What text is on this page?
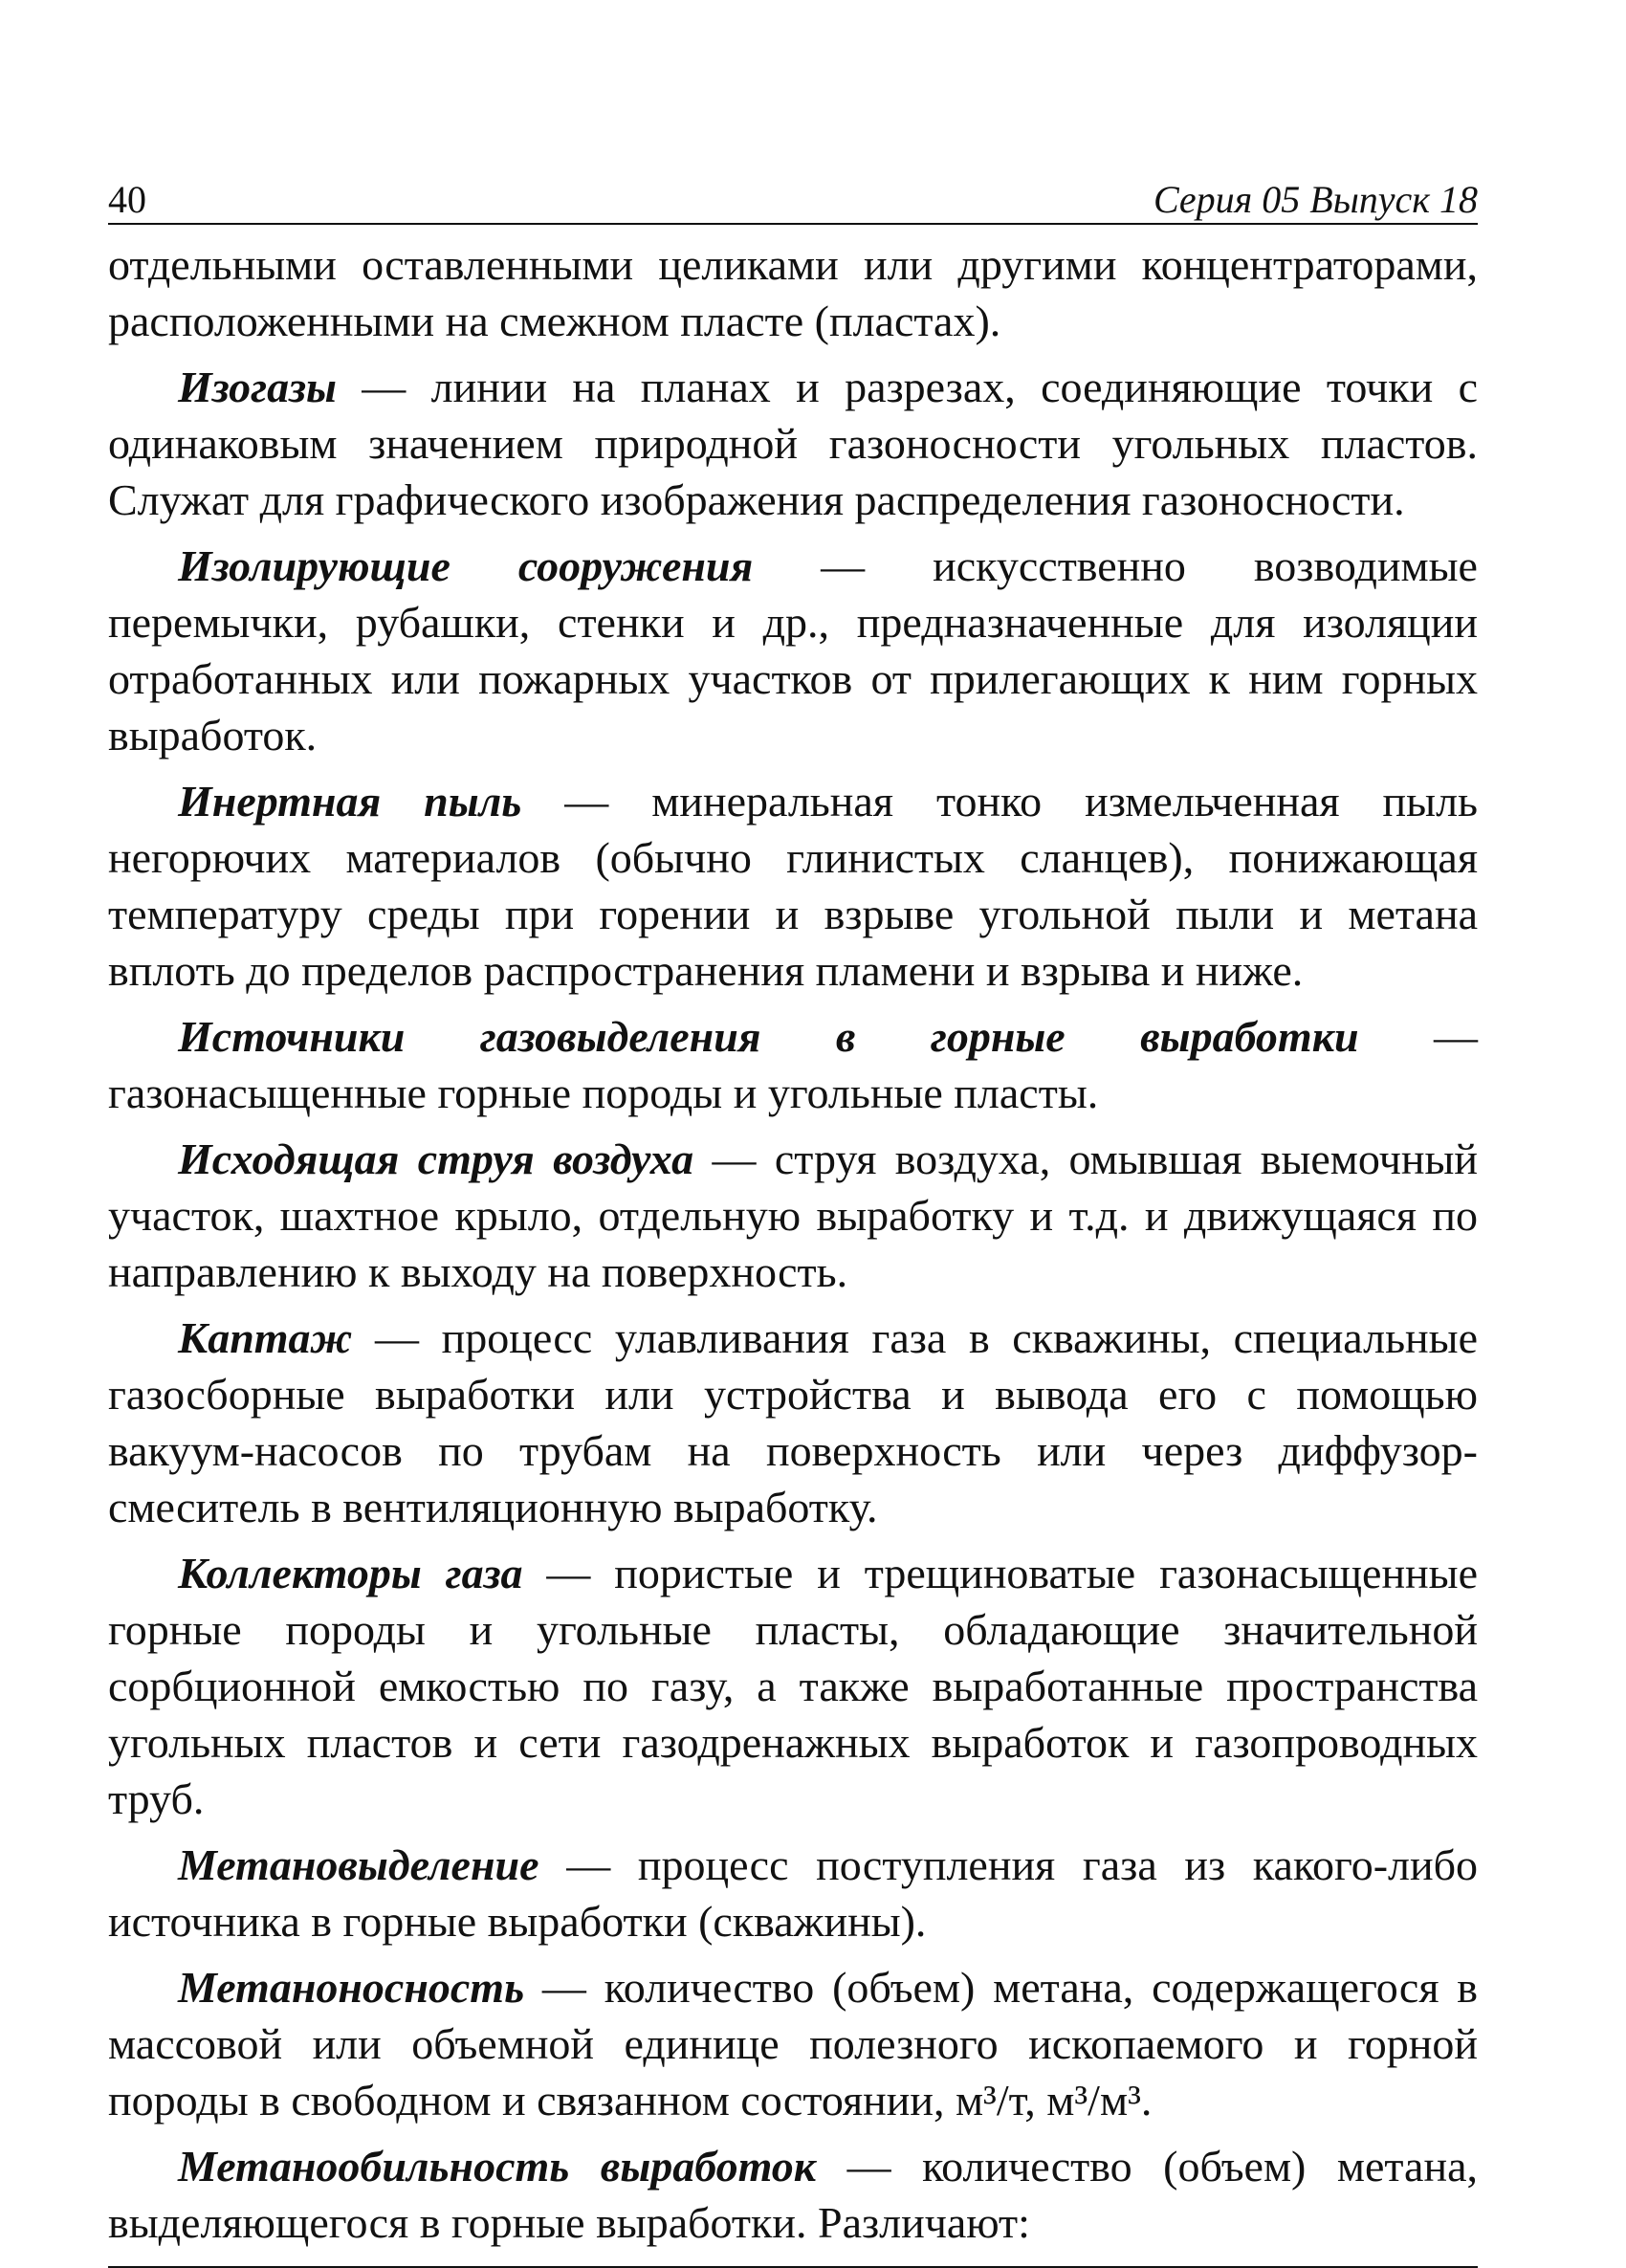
40	Серия 05 Выпуск 18

отдельными оставленными целиками или другими концентраторами, расположенными на смежном пласте (пластах).

Изогазы — линии на планах и разрезах, соединяющие точки с одинаковым значением природной газоносности угольных пластов. Служат для графического изображения распределения газоносности.

Изолирующие сооружения — искусственно возводимые перемычки, рубашки, стенки и др., предназначенные для изоляции отработанных или пожарных участков от прилегающих к ним горных выработок.

Инертная пыль — минеральная тонко измельченная пыль негорючих материалов (обычно глинистых сланцев), понижающая температуру среды при горении и взрыве угольной пыли и метана вплоть до пределов распространения пламени и взрыва и ниже.

Источники газовыделения в горные выработки — газонасыщенные горные породы и угольные пласты.

Исходящая струя воздуха — струя воздуха, омывшая выемочный участок, шахтное крыло, отдельную выработку и т.д. и движущаяся по направлению к выходу на поверхность.

Каптаж — процесс улавливания газа в скважины, специальные газосборные выработки или устройства и вывода его с помощью вакуум-насосов по трубам на поверхность или через диффузор-смеситель в вентиляционную выработку.

Коллекторы газа — пористые и трещиноватые газонасыщенные горные породы и угольные пласты, обладающие значительной сорбционной емкостью по газу, а также выработанные пространства угольных пластов и сети газодренажных выработок и газопроводных труб.

Метановыделение — процесс поступления газа из какого-либо источника в горные выработки (скважины).

Метаноносность — количество (объем) метана, содержащегося в массовой или объемной единице полезного ископаемого и горной породы в свободном и связанном состоянии, м³/т, м³/м³.

Метанообильность выработок — количество (объем) метана, выделяющегося в горные выработки. Различают:
